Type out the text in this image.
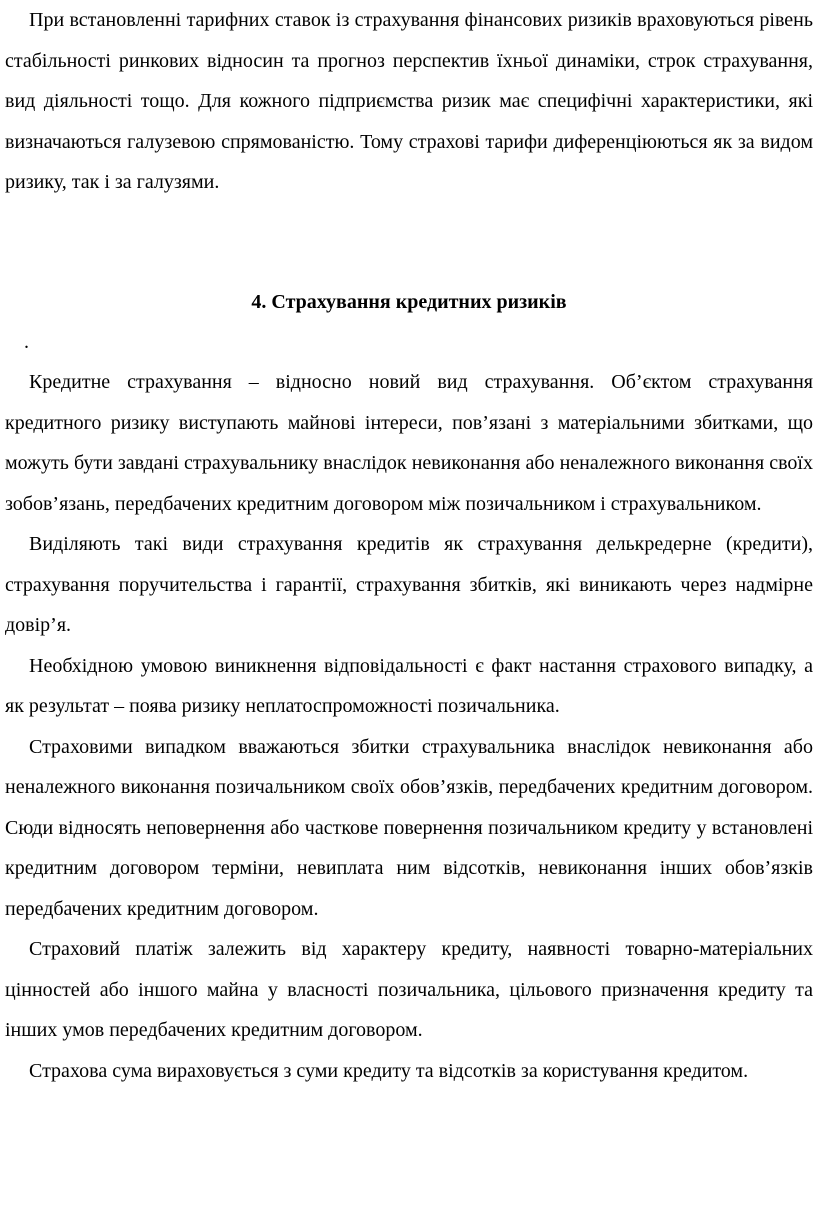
При встановленні тарифних ставок із страхування фінансових ризиків враховуються рівень стабільності ринкових відносин та прогноз перспектив їхньої динаміки, строк страхування, вид діяльності тощо. Для кожного підприємства ризик має специфічні характеристики, які визначаються галузевою спрямованістю. Тому страхові тарифи диференціюються як за видом ризику, так і за галузями.

4. Страхування кредитних ризиків
.

Кредитне страхування – відносно новий вид страхування. Об’єктом страхування кредитного ризику виступають майнові інтереси, пов’язані з матеріальними збитками, що можуть бути завдані страхувальнику внаслідок невиконання або неналежного виконання своїх зобов’язань, передбачених кредитним договором між позичальником і страхувальником.

Виділяють такі види страхування кредитів як страхування делькредерне (кредити), страхування поручительства і гарантії, страхування збитків, які виникають через надмірне довір’я.

Необхідною умовою виникнення відповідальності є факт настання страхового випадку, а як результат – поява ризику неплатоспроможності позичальника.

Страховими випадком вважаються збитки страхувальника внаслідок невиконання або неналежного виконання позичальником своїх обов’язків, передбачених кредитним договором. Сюди відносять неповернення або часткове повернення позичальником кредиту у встановлені кредитним договором терміни, невиплата ним відсотків, невиконання інших обов’язків передбачених кредитним договором.

Страховий платіж залежить від характеру кредиту, наявності товарно-матеріальних цінностей або іншого майна у власності позичальника, цільового призначення кредиту та інших умов передбачених кредитним договором.

Страхова сума вираховується з суми кредиту та відсотків за користування кредитом.
